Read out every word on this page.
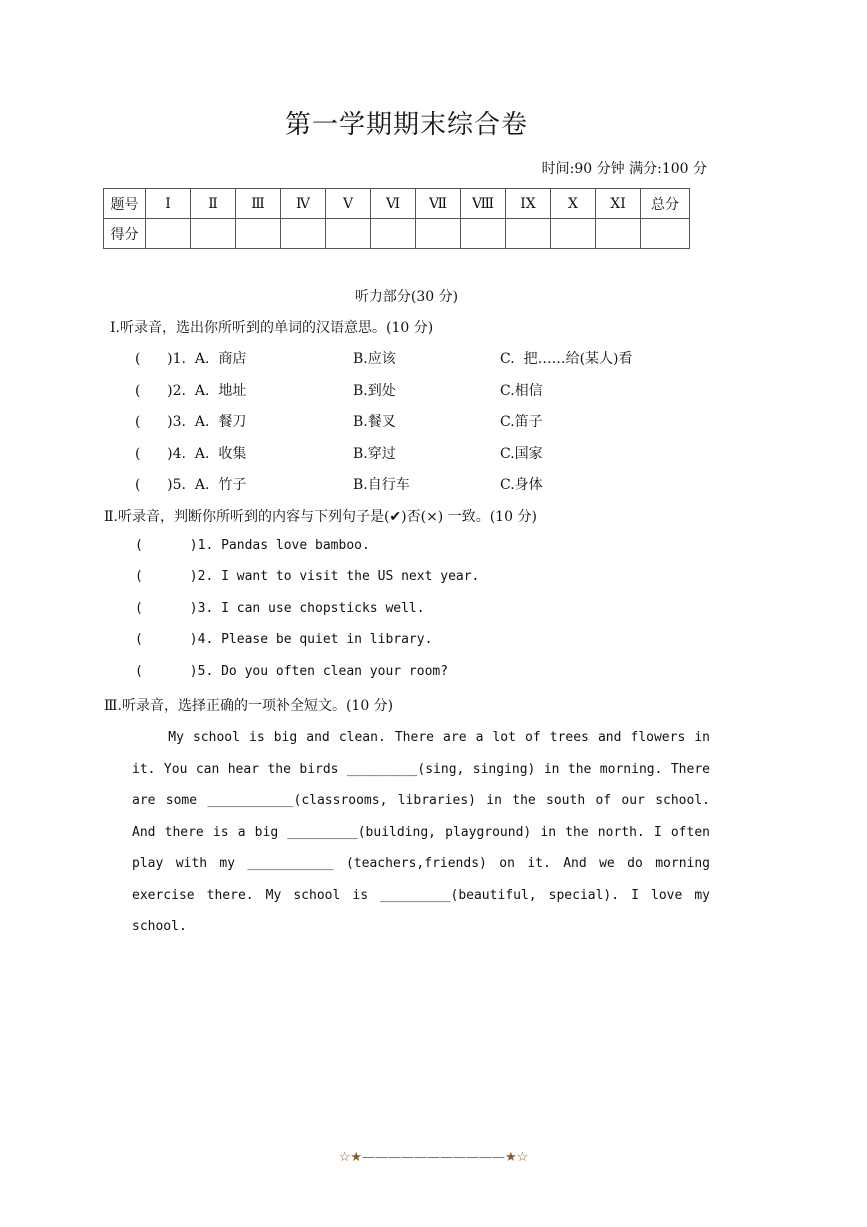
第一学期期末综合卷
时间:90 分钟 满分:100 分
题号	Ⅰ	Ⅱ	Ⅲ	Ⅳ	Ⅴ	Ⅵ	Ⅶ	Ⅷ	ⅠX	X	XⅠ	总分
得分												
听力部分(30 分)
Ⅰ.听录音，选出你所听到的单词的汉语意思。(10 分)
(      )1.  A.  商店	B.应该	C.  把……给(某人)看
(      )2.  A.  地址	B.到处	C.相信
(      )3.  A.  餐刀	B.餐叉	C.笛子
(      )4.  A.  收集	B.穿过	C.国家
(      )5.  A.  竹子	B.自行车	C.身体
Ⅱ.听录音，判断你所听到的内容与下列句子是(✔)否(×) 一致。(10 分)
(      )1. Pandas love bamboo.
(      )2. I want to visit the US next year.
(      )3. I can use chopsticks well.
(      )4. Please be quiet in library.
(      )5. Do you often clean your room?
Ⅲ.听录音，选择正确的一项补全短文。(10 分)

My school is big and clean. There are a lot of trees and flowers in it. You can hear the birds _________(sing, singing) in the morning. There are some ___________(classrooms, libraries) in the south of our school. And there is a big _________(building, playground) in the north. I often play with my ___________ (teachers,friends) on it. And we do morning exercise there. My school is _________(beautiful, special). I love my school.

☆★———————————★☆
